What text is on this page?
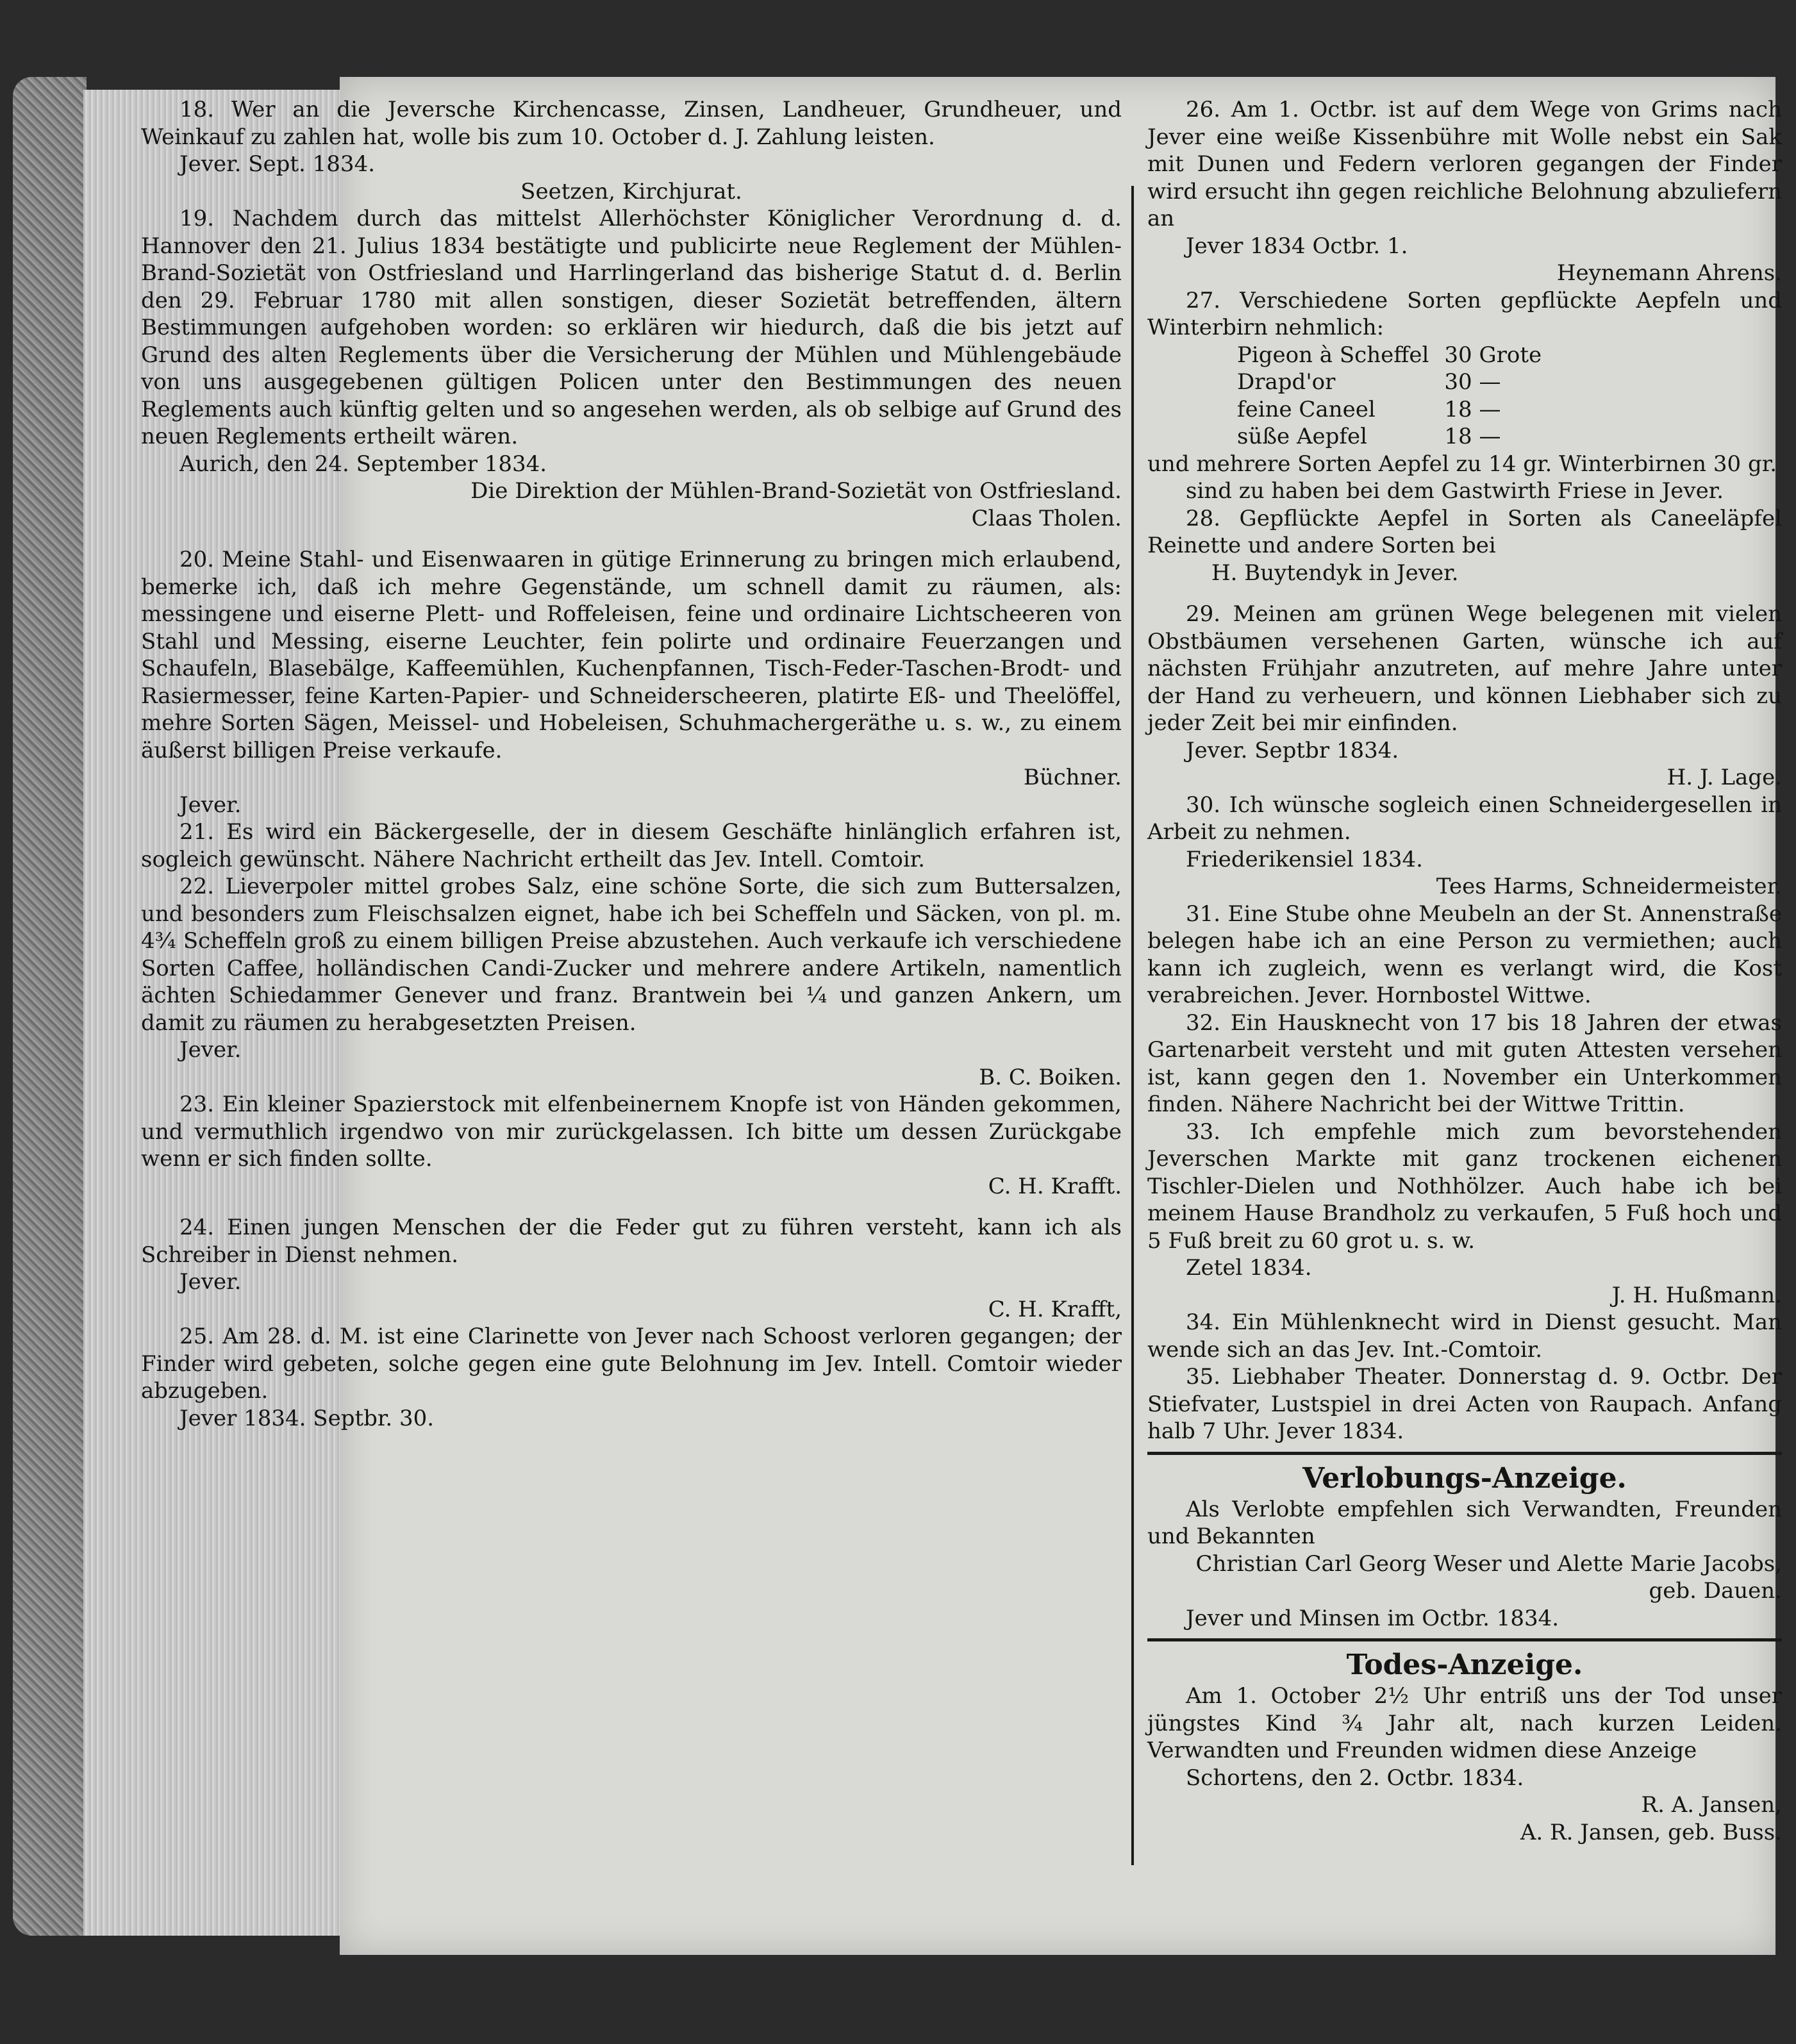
18. Wer an die Jeversche Kirchencasse, Zinsen, Landheuer, Grundheuer, und Weinkauf zu zahlen hat, wolle bis zum 10. October d. J. Zahlung leisten.

Jever. Sept. 1834.

Seetzen, Kirchjurat.

19. Nachdem durch das mittelst Allerhöchster Königlicher Verordnung d. d. Hannover den 21. Julius 1834 bestätigte und publicirte neue Reglement der Mühlen-Brand-Sozietät von Ostfriesland und Harrlingerland das bisherige Statut d. d. Berlin den 29. Februar 1780 mit allen sonstigen, dieser Sozietät betreffenden, ältern Bestimmungen aufgehoben worden: so erklären wir hiedurch, daß die bis jetzt auf Grund des alten Reglements über die Versicherung der Mühlen und Mühlengebäude von uns ausgegebenen gültigen Policen unter den Bestimmungen des neuen Reglements auch künftig gelten und so angesehen werden, als ob selbige auf Grund des neuen Reglements ertheilt wären.

Aurich, den 24. September 1834.

Die Direktion der Mühlen-Brand-Sozietät von Ostfriesland.

Claas Tholen.

20. Meine Stahl- und Eisenwaaren in gütige Erinnerung zu bringen mich erlaubend, bemerke ich, daß ich mehre Gegenstände, um schnell damit zu räumen, als: messingene und eiserne Plett- und Roffeleisen, feine und ordinaire Lichtscheeren von Stahl und Messing, eiserne Leuchter, fein polirte und ordinaire Feuerzangen und Schaufeln, Blasebälge, Kaffeemühlen, Kuchenpfannen, Tisch-Feder-Taschen-Brodt- und Rasiermesser, feine Karten-Papier- und Schneiderscheeren, platirte Eß- und Theelöffel, mehre Sorten Sägen, Meissel- und Hobeleisen, Schuhmachergeräthe u. s. w., zu einem äußerst billigen Preise verkaufe.

Büchner.

Jever.

21. Es wird ein Bäckergeselle, der in diesem Geschäfte hinlänglich erfahren ist, sogleich gewünscht. Nähere Nachricht ertheilt das Jev. Intell. Comtoir.

22. Lieverpoler mittel grobes Salz, eine schöne Sorte, die sich zum Buttersalzen, und besonders zum Fleischsalzen eignet, habe ich bei Scheffeln und Säcken, von pl. m. 4¾ Scheffeln groß zu einem billigen Preise abzustehen. Auch verkaufe ich verschiedene Sorten Caffee, holländischen Candi-Zucker und mehrere andere Artikeln, namentlich ächten Schiedammer Genever und franz. Brantwein bei ¼ und ganzen Ankern, um damit zu räumen zu herabgesetzten Preisen.

Jever.

B. C. Boiken.

23. Ein kleiner Spazierstock mit elfenbeinernem Knopfe ist von Händen gekommen, und vermuthlich irgendwo von mir zurückgelassen. Ich bitte um dessen Zurückgabe wenn er sich finden sollte.

C. H. Krafft.

24. Einen jungen Menschen der die Feder gut zu führen versteht, kann ich als Schreiber in Dienst nehmen.

Jever.

C. H. Krafft,

25. Am 28. d. M. ist eine Clarinette von Jever nach Schoost verloren gegangen; der Finder wird gebeten, solche gegen eine gute Belohnung im Jev. Intell. Comtoir wieder abzugeben.

Jever 1834. Septbr. 30.

26. Am 1. Octbr. ist auf dem Wege von Grims nach Jever eine weiße Kissenbühre mit Wolle nebst ein Sak mit Dunen und Federn verloren gegangen der Finder wird ersucht ihn gegen reichliche Belohnung abzuliefern an

Jever 1834 Octbr. 1.

Heynemann Ahrens.

27. Verschiedene Sorten gepflückte Aepfeln und Winterbirn nehmlich:

Pigeon à Scheffel	30 Grote
Drapd'or	30 —
feine Caneel	18 —
süße Aepfel	18 —

und mehrere Sorten Aepfel zu 14 gr. Winterbirnen 30 gr.

sind zu haben bei dem Gastwirth Friese in Jever.

28. Gepflückte Aepfel in Sorten als Caneeläpfel Reinette und andere Sorten bei

H. Buytendyk in Jever.

29. Meinen am grünen Wege belegenen mit vielen Obstbäumen versehenen Garten, wünsche ich auf nächsten Frühjahr anzutreten, auf mehre Jahre unter der Hand zu verheuern, und können Liebhaber sich zu jeder Zeit bei mir einfinden.

Jever. Septbr 1834.

H. J. Lage.

30. Ich wünsche sogleich einen Schneidergesellen in Arbeit zu nehmen.

Friederikensiel 1834.

Tees Harms, Schneidermeister.

31. Eine Stube ohne Meubeln an der St. Annenstraße belegen habe ich an eine Person zu vermiethen; auch kann ich zugleich, wenn es verlangt wird, die Kost verabreichen. Jever. Hornbostel Wittwe.

32. Ein Hausknecht von 17 bis 18 Jahren der etwas Gartenarbeit versteht und mit guten Attesten versehen ist, kann gegen den 1. November ein Unterkommen finden. Nähere Nachricht bei der Wittwe Trittin.

33. Ich empfehle mich zum bevorstehenden Jeverschen Markte mit ganz trockenen eichenen Tischler-Dielen und Nothhölzer. Auch habe ich bei meinem Hause Brandholz zu verkaufen, 5 Fuß hoch und 5 Fuß breit zu 60 grot u. s. w.

Zetel 1834.

J. H. Hußmann.

34. Ein Mühlenknecht wird in Dienst gesucht. Man wende sich an das Jev. Int.-Comtoir.

35. Liebhaber Theater. Donnerstag d. 9. Octbr. Der Stiefvater, Lustspiel in drei Acten von Raupach. Anfang halb 7 Uhr. Jever 1834.

Verlobungs-Anzeige.

Als Verlobte empfehlen sich Verwandten, Freunden und Bekannten

Christian Carl Georg Weser und Alette Marie Jacobs, geb. Dauen.

Jever und Minsen im Octbr. 1834.

Todes-Anzeige.

Am 1. October 2½ Uhr entriß uns der Tod unser jüngstes Kind ¾ Jahr alt, nach kurzen Leiden. Verwandten und Freunden widmen diese Anzeige

Schortens, den 2. Octbr. 1834.

R. A. Jansen,

A. R. Jansen, geb. Buss.
